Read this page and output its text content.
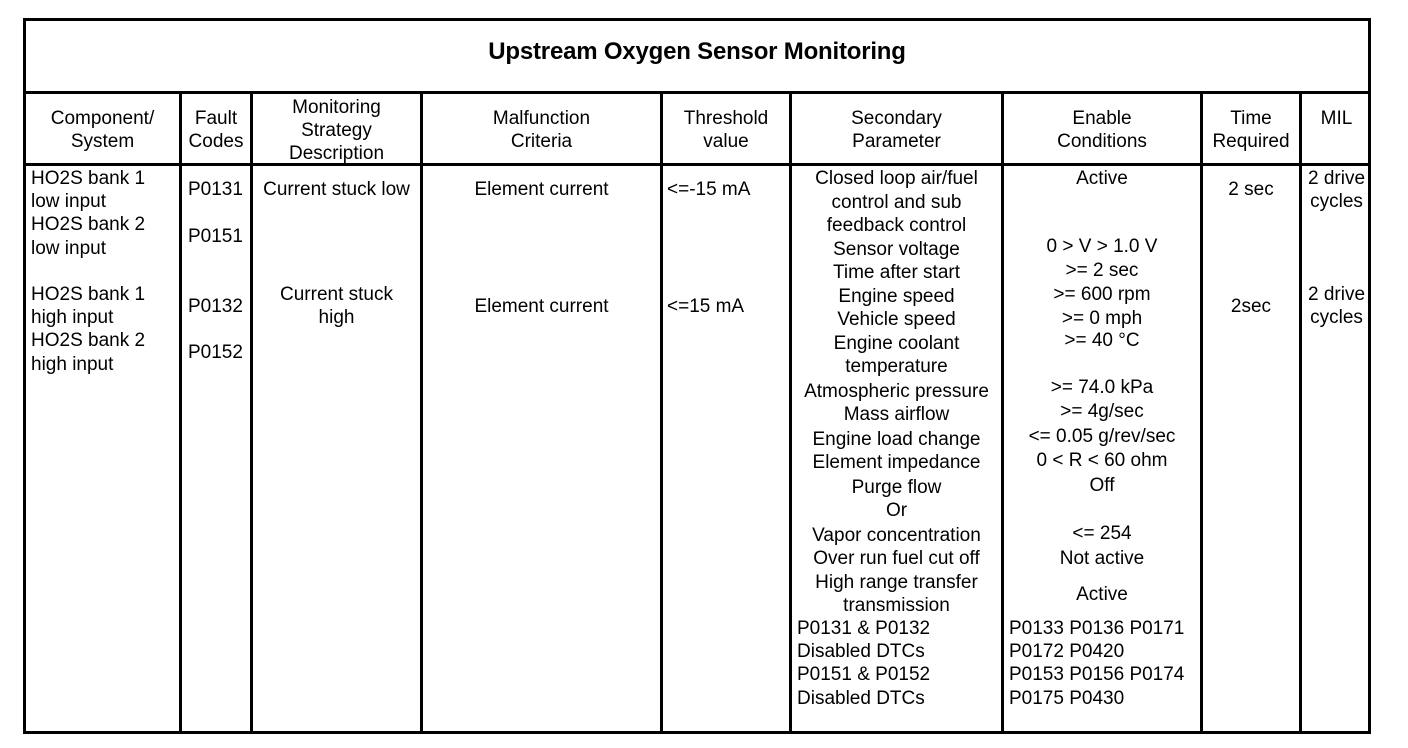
Upstream Oxygen Sensor Monitoring
Component/
System
Fault
Codes
Monitoring
Strategy
Description
Malfunction
Criteria
Threshold
value
Secondary
Parameter
Enable
Conditions
Time
Required
MIL
HO2S bank 1
low input
HO2S bank 2
low input
HO2S bank 1
high input
HO2S bank 2
high input
P0131
P0151
P0132
P0152
Current stuck low
Current stuck
high
Element current
Element current
<=-15 mA
<=15 mA
Closed loop air/fuel
control and sub
feedback control
Sensor voltage
Time after start
Engine speed
Vehicle speed
Engine coolant
temperature
Atmospheric pressure
Mass airflow
Engine load change
Element impedance
Purge flow
Or
Vapor concentration
Over run fuel cut off
High range transfer
transmission
P0131 & P0132
Disabled DTCs
P0151 & P0152
Disabled DTCs
Active
0 > V > 1.0 V
>= 2 sec
>= 600 rpm
>= 0 mph
>= 40 °C
>= 74.0 kPa
>= 4g/sec
<= 0.05 g/rev/sec
0 < R < 60 ohm
Off
<= 254
Not active
Active
P0133 P0136 P0171
P0172 P0420
P0153 P0156 P0174
P0175 P0430
2 sec
2sec
2 drive
cycles
2 drive
cycles
